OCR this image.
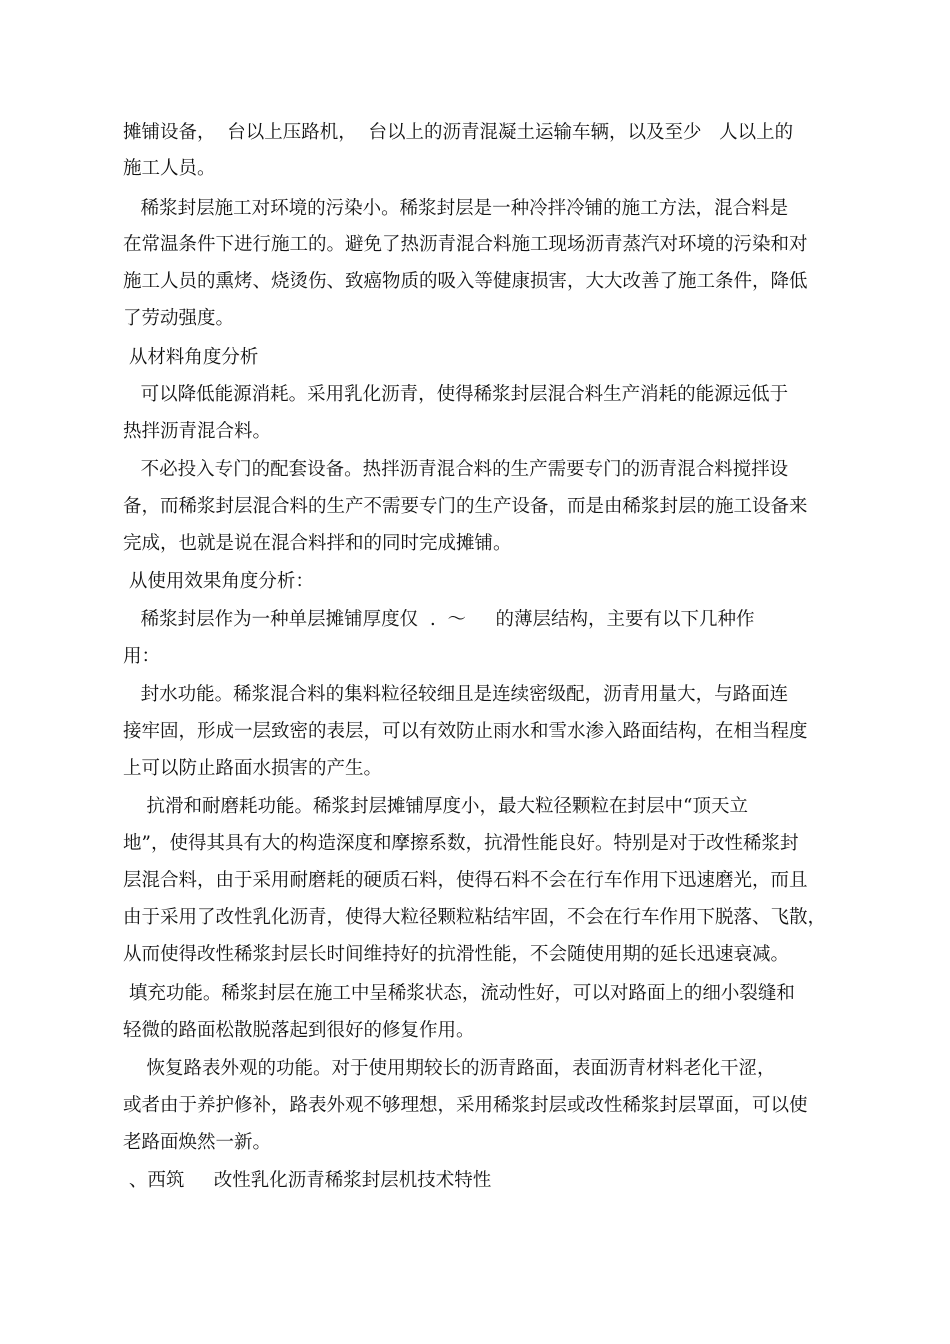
摊铺设备，  台以上压路机，  台以上的沥青混凝土运输车辆，以及至少   人以上的
施工人员。
稀浆封层施工对环境的污染小。稀浆封层是一种冷拌冷铺的施工方法，混合料是
在常温条件下进行施工的。避免了热沥青混合料施工现场沥青蒸汽对环境的污染和对
施工人员的熏烤、烧烫伤、致癌物质的吸入等健康损害，大大改善了施工条件，降低
了劳动强度。
从材料角度分析
可以降低能源消耗。采用乳化沥青，使得稀浆封层混合料生产消耗的能源远低于
热拌沥青混合料。
不必投入专门的配套设备。热拌沥青混合料的生产需要专门的沥青混合料搅拌设
备，而稀浆封层混合料的生产不需要专门的生产设备，而是由稀浆封层的施工设备来
完成，也就是说在混合料拌和的同时完成摊铺。
从使用效果角度分析：
稀浆封层作为一种单层摊铺厚度仅  .  ～     的薄层结构，主要有以下几种作
用：
封水功能。稀浆混合料的集料粒径较细且是连续密级配，沥青用量大，与路面连
接牢固，形成一层致密的表层，可以有效防止雨水和雪水渗入路面结构，在相当程度
上可以防止路面水损害的产生。
抗滑和耐磨耗功能。稀浆封层摊铺厚度小，最大粒径颗粒在封层中“顶天立
地”，使得其具有大的构造深度和摩擦系数，抗滑性能良好。特别是对于改性稀浆封
层混合料，由于采用耐磨耗的硬质石料，使得石料不会在行车作用下迅速磨光，而且
由于采用了改性乳化沥青，使得大粒径颗粒粘结牢固，不会在行车作用下脱落、飞散，
从而使得改性稀浆封层长时间维持好的抗滑性能，不会随使用期的延长迅速衰减。
填充功能。稀浆封层在施工中呈稀浆状态，流动性好，可以对路面上的细小裂缝和
轻微的路面松散脱落起到很好的修复作用。
恢复路表外观的功能。对于使用期较长的沥青路面，表面沥青材料老化干涩，
或者由于养护修补，路表外观不够理想，采用稀浆封层或改性稀浆封层罩面，可以使
老路面焕然一新。
、西筑     改性乳化沥青稀浆封层机技术特性
